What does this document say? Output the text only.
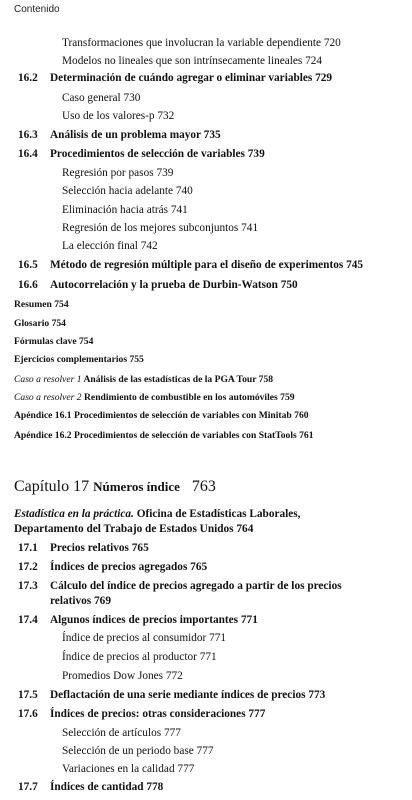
Contenido
Transformaciones que involucran la variable dependiente 720
Modelos no lineales que son intrínsecamente lineales 724
16.2 Determinación de cuándo agregar o eliminar variables 729
Caso general 730
Uso de los valores-p 732
16.3 Análisis de un problema mayor 735
16.4 Procedimientos de selección de variables 739
Regresión por pasos 739
Selección hacia adelante 740
Eliminación hacia atrás 741
Regresión de los mejores subconjuntos 741
La elección final 742
16.5 Método de regresión múltiple para el diseño de experimentos 745
16.6 Autocorrelación y la prueba de Durbin-Watson 750
Resumen 754
Glosario 754
Fórmulas clave 754
Ejercicios complementarios 755
Caso a resolver 1 Análisis de las estadísticas de la PGA Tour 758
Caso a resolver 2 Rendimiento de combustible en los automóviles 759
Apéndice 16.1 Procedimientos de selección de variables con Minitab 760
Apéndice 16.2 Procedimientos de selección de variables con StatTools 761
Capítulo 17 Números índice 763
Estadística en la práctica. Oficina de Estadísticas Laborales,
Departamento del Trabajo de Estados Unidos 764
17.1 Precios relativos 765
17.2 Índices de precios agregados 765
17.3 Cálculo del índice de precios agregado a partir de los precios
relativos 769
17.4 Algunos índices de precios importantes 771
Índice de precios al consumidor 771
Índice de precios al productor 771
Promedios Dow Jones 772
17.5 Deflactación de una serie mediante índices de precios 773
17.6 Índices de precios: otras consideraciones 777
Selección de artículos 777
Selección de un periodo base 777
Variaciones en la calidad 777
17.7 Índices de cantidad 778
